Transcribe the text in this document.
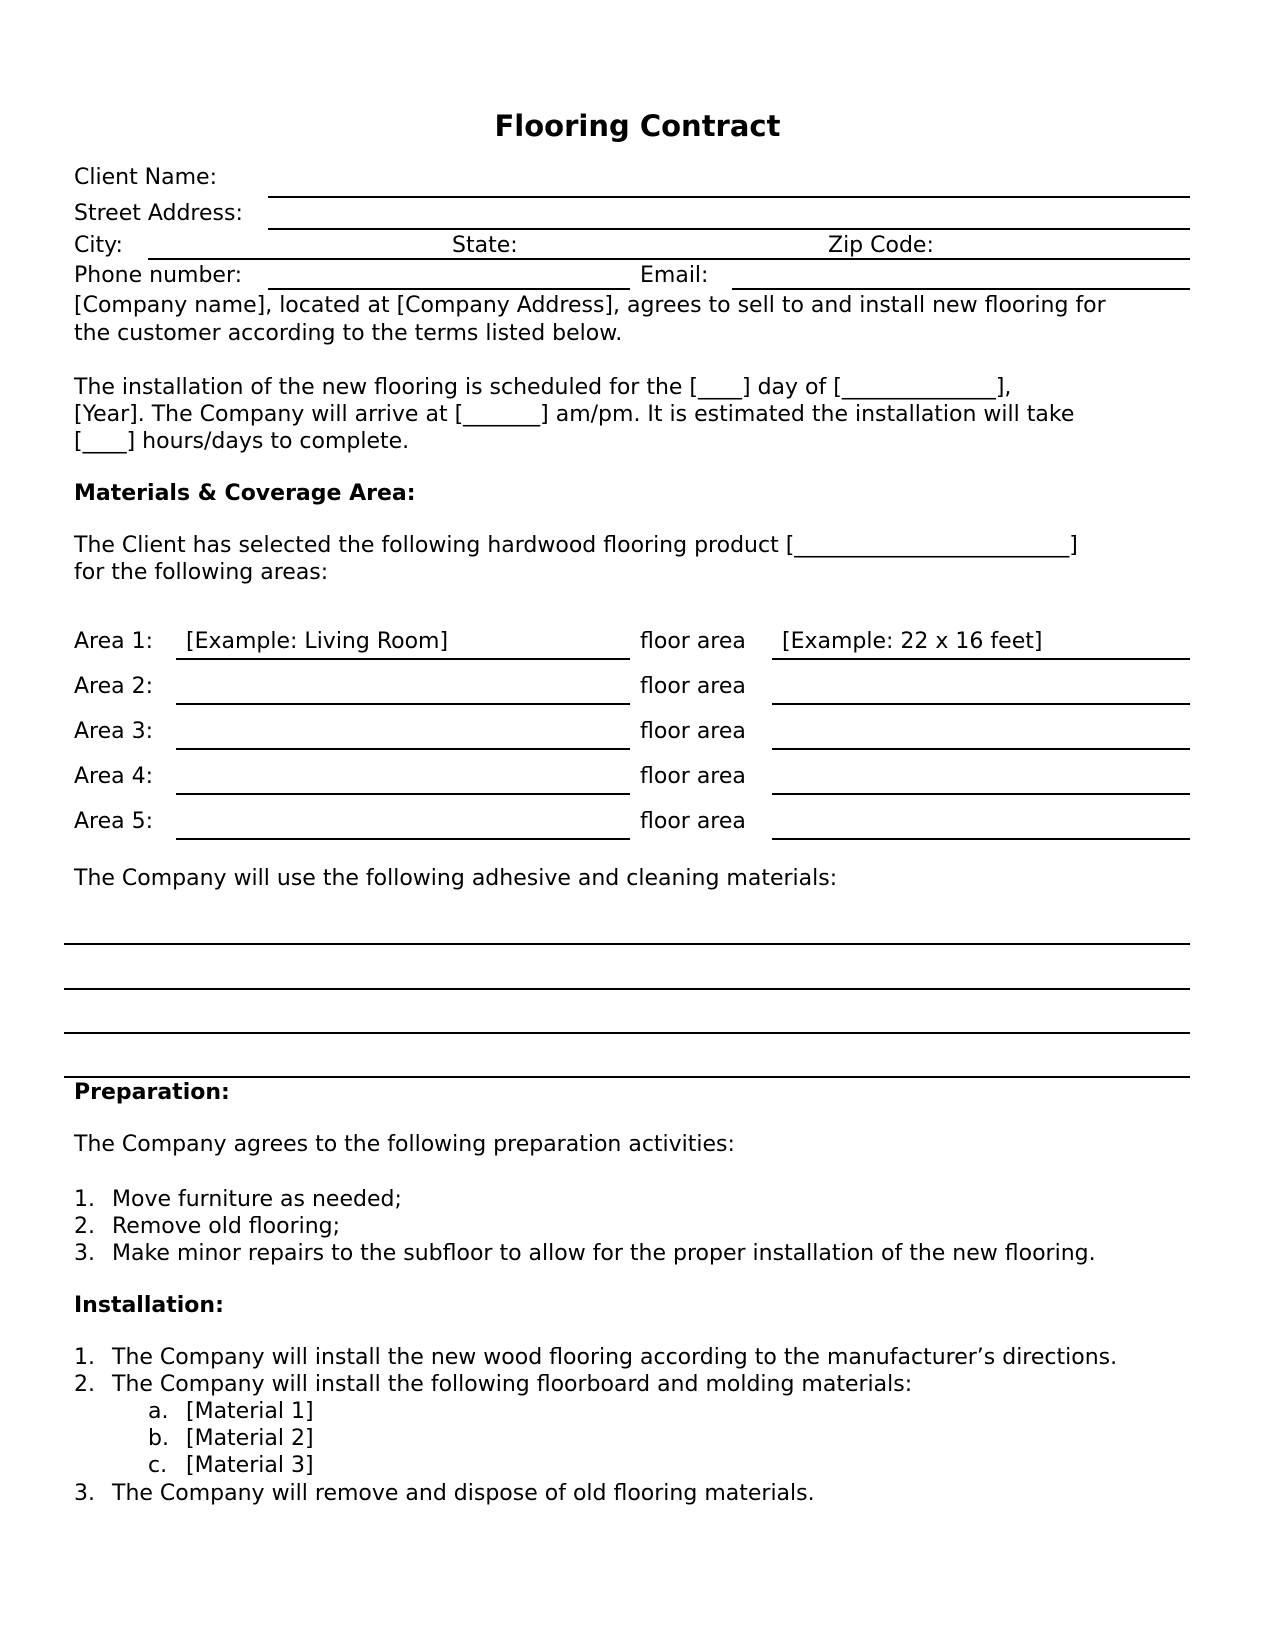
Flooring Contract
Client Name:
Street Address:
City:	State:	Zip Code:
Phone number:	Email:
[Company name], located at [Company Address], agrees to sell to and install new flooring for
the customer according to the terms listed below.
The installation of the new flooring is scheduled for the [____] day of [______________],
[Year]. The Company will arrive at [_______] am/pm. It is estimated the installation will take
[____] hours/days to complete.
Materials & Coverage Area:
The Client has selected the following hardwood flooring product [_________________________]
for the following areas:
Area 1: [Example: Living Room]	floor area [Example: 22 x 16 feet]
Area 2:	floor area
Area 3:	floor area
Area 4:	floor area
Area 5:	floor area
The Company will use the following adhesive and cleaning materials:
Preparation:
The Company agrees to the following preparation activities:
1. Move furniture as needed;
2. Remove old flooring;
3. Make minor repairs to the subfloor to allow for the proper installation of the new flooring.
Installation:
1. The Company will install the new wood flooring according to the manufacturer’s directions.
2. The Company will install the following floorboard and molding materials:
a. [Material 1]
b. [Material 2]
c. [Material 3]
3. The Company will remove and dispose of old flooring materials.
